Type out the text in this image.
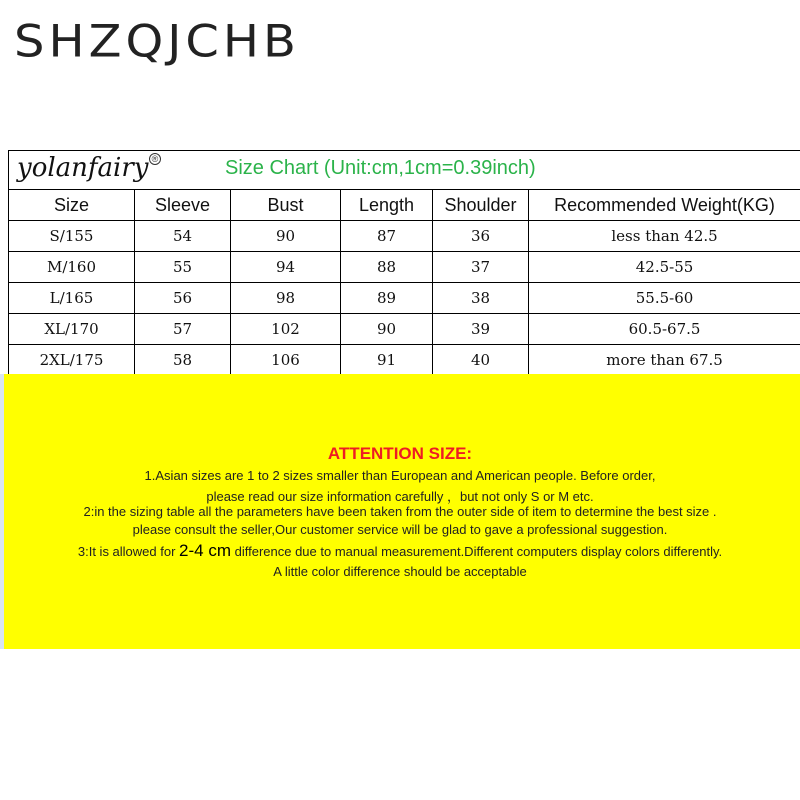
SHZQJCHB
yolanfairy ® Size Chart (Unit:cm,1cm=0.39inch)					

Size	Sleeve	Bust	Length	Shoulder	Recommended Weight(KG)
S/155	54	90	87	36	less than 42.5
M/160	55	94	88	37	42.5-55
L/165	56	98	89	38	55.5-60
XL/170	57	102	90	39	60.5-67.5
2XL/175	58	106	91	40	more than 67.5
ATTENTION SIZE:
1.Asian sizes are 1 to 2 sizes smaller than European and American people. Before order,
please read our size information carefully ，but not only S or M etc.
2:in the sizing table all the parameters have been taken from the outer side of item to determine the best size .
please consult the seller,Our customer service will be glad to gave a professional suggestion.
3:It is allowed for 2-4 cm difference due to manual measurement.Different computers display colors differently.
A little color difference should be acceptable
